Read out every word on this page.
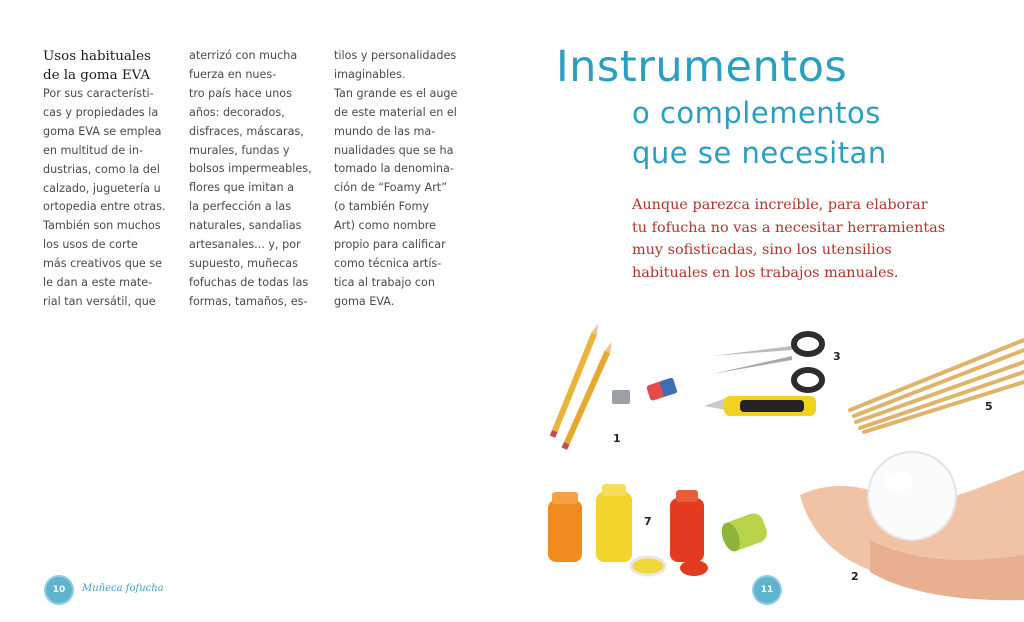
Usos habituales
de la goma EVA
Por sus característi-
cas y propiedades la
goma EVA se emplea
en multitud de in-
dustrias, como la del
calzado, juguetería u
ortopedia entre otras.
También son muchos
los usos de corte
más creativos que se
le dan a este mate-
rial tan versátil, que
aterrizó con mucha
fuerza en nues-
tro país hace unos
años: decorados,
disfraces, máscaras,
murales, fundas y
bolsos impermeables,
flores que imitan a
la perfección a las
naturales, sandalias
artesanales... y, por
supuesto, muñecas
fofuchas de todas las
formas, tamaños, es-
tilos y personalidades
imaginables.
Tan grande es el auge
de este material en el
mundo de las ma-
nualidades que se ha
tomado la denomina-
ción de “Foamy Art”
(o también Fomy
Art) como nombre
propio para calificar
como técnica artís-
tica al trabajo con
goma EVA.
10	Muñeca fofucha
Instrumentos
o complementos
que se necesitan
Aunque parezca increíble, para elaborar
tu fofucha no vas a necesitar herramientas
muy sofisticadas, sino los utensilios
habituales en los trabajos manuales.
1
3
5
7
2
11
